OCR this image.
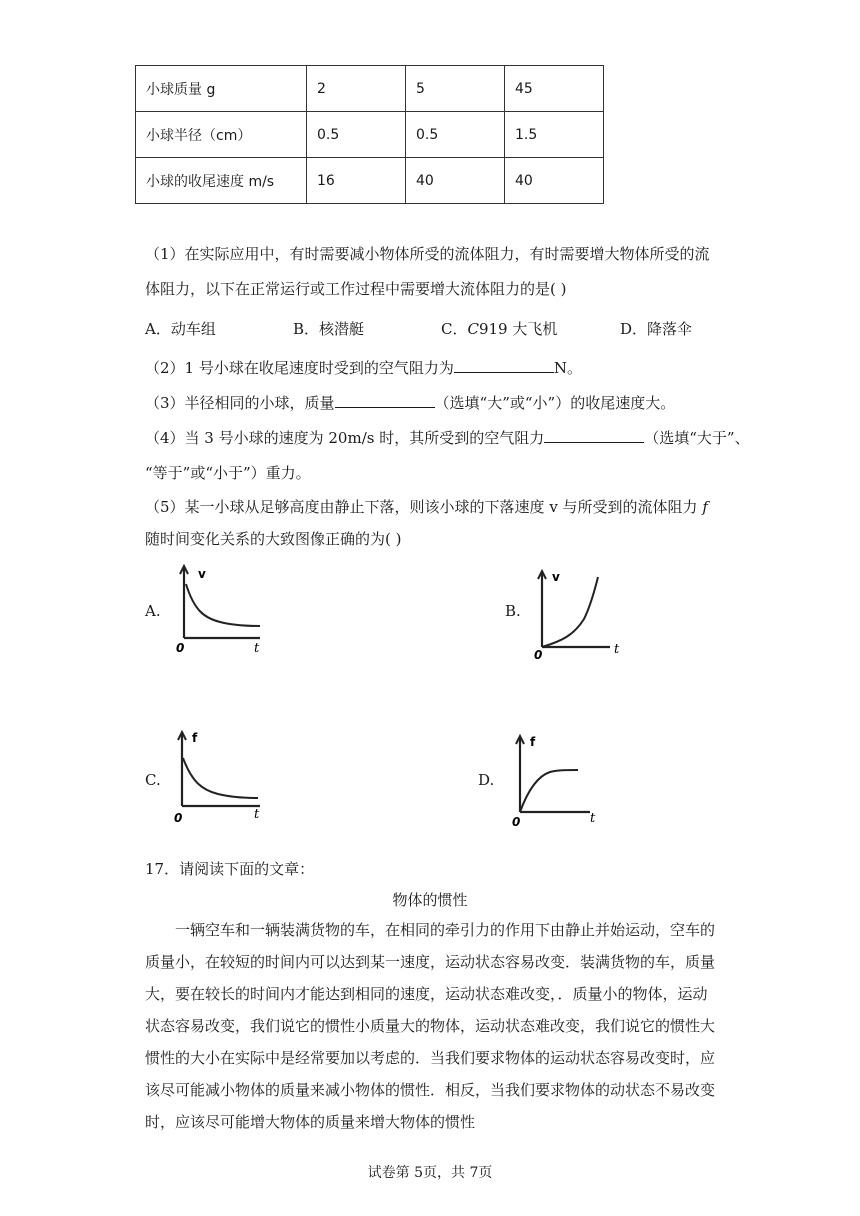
小球质量 g	2	5	45
小球半径（cm）	0.5	0.5	1.5
小球的收尾速度 m/s	16	40	40
（1）在实际应用中，有时需要减小物体所受的流体阻力，有时需要增大物体所受的流
体阻力，以下在正常运行或工作过程中需要增大流体阻力的是( )
A．动车组	B．核潜艇	C．C919 大飞机	D．降落伞
（2）1 号小球在收尾速度时受到的空气阻力为	N。
（3）半径相同的小球，质量	（选填“大”或“小”）的收尾速度大。
（4）当 3 号小球的速度为 20m/s 时，其所受到的空气阻力	（选填“大于”、
“等于”或“小于”）重力。
（5）某一小球从足够高度由静止下落，则该小球的下落速度 v 与所受到的流体阻力 f
随时间变化关系的大致图像正确的为( )
A.	B.
C.	D.
v
t
0
v
t
0
f
t
0
f
t
0
17．请阅读下面的文章：
物体的惯性
一辆空车和一辆装满货物的车，在相同的牵引力的作用下由静止并始运动，空车的
质量小，在较短的时间内可以达到某一速度，运动状态容易改变．装满货物的车，质量
大，要在较长的时间内才能达到相同的速度，运动状态难改变，．质量小的物体，运动
状态容易改变，我们说它的惯性小质量大的物体，运动状态难改变，我们说它的惯性大
惯性的大小在实际中是经常要加以考虑的．当我们要求物体的运动状态容易改变时，应
该尽可能减小物体的质量来减小物体的惯性．相反，当我们要求物体的动状态不易改变
时，应该尽可能增大物体的质量来增大物体的惯性
试卷第 5页，共 7页
